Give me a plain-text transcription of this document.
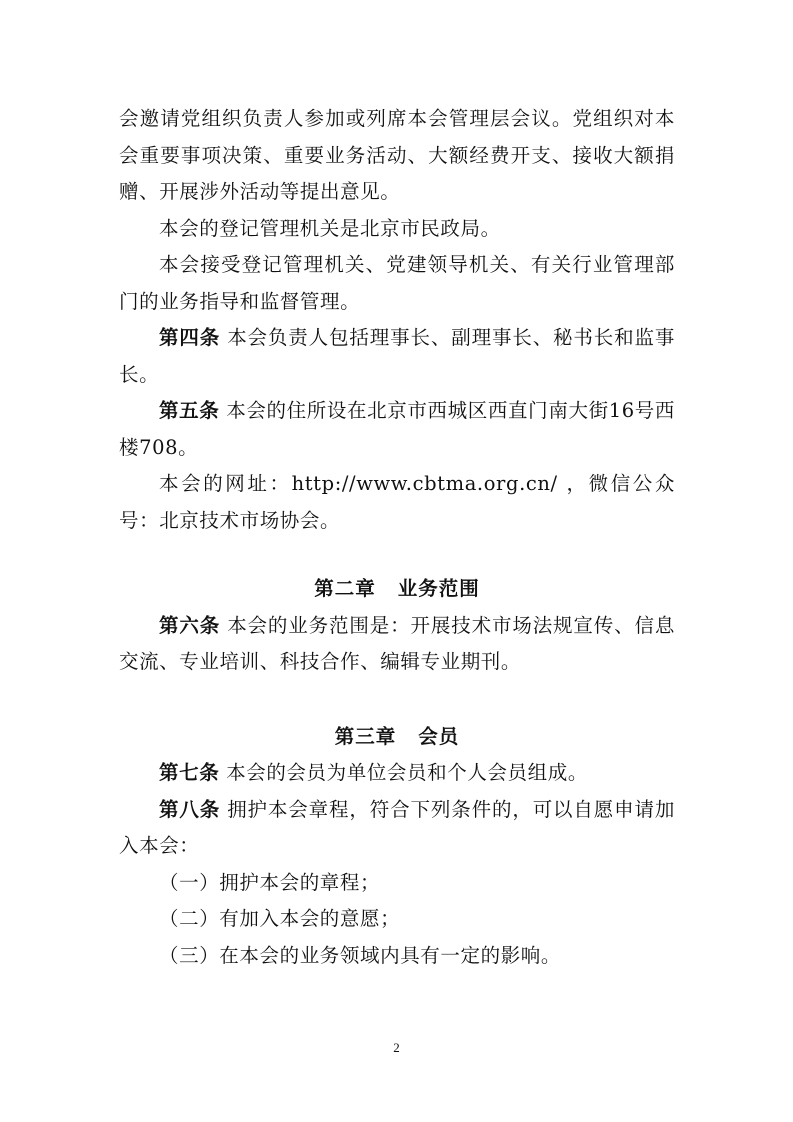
会邀请党组织负责人参加或列席本会管理层会议。党组织对本会重要事项决策、重要业务活动、大额经费开支、接收大额捐赠、开展涉外活动等提出意见。

本会的登记管理机关是北京市民政局。

本会接受登记管理机关、党建领导机关、有关行业管理部门的业务指导和监督管理。

第四条 本会负责人包括理事长、副理事长、秘书长和监事长。

第五条 本会的住所设在北京市西城区西直门南大街16号西楼708。

本会的网址：http://www.cbtma.org.cn/ ，微信公众号：北京技术市场协会。

第二章 业务范围

第六条 本会的业务范围是：开展技术市场法规宣传、信息交流、专业培训、科技合作、编辑专业期刊。

第三章 会员

第七条 本会的会员为单位会员和个人会员组成。

第八条 拥护本会章程，符合下列条件的，可以自愿申请加入本会：

（一）拥护本会的章程；

（二）有加入本会的意愿；

（三）在本会的业务领域内具有一定的影响。

2
